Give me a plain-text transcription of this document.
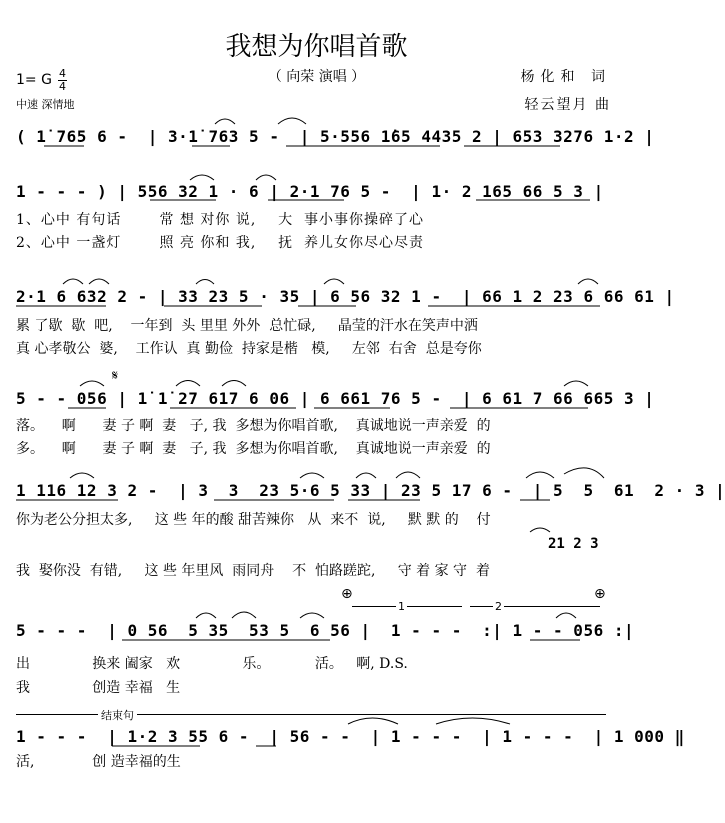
我想为你唱首歌
（ 向荣 演唱 ）
1= G 4
4
中速 深情地
杨化和 词
轻云望月 曲
( 1̇ 765 6 -  | 3·1̇ 763 5 -  | 5·556 1̇65 4435 2 | 653 3276 1·2 |
1 - - - ) | 556 32 1 · 6 | 2·1 76 5 -  | 1· 2 165 66 5 3 |
1、心中 有句话       常 想 对你 说,    大  事小事你操碎了心
2、心中 一盏灯       照 亮 你和 我,    抚  养儿女你尽心尽责
2·1 6 632 2 - | 33 23 5 · 35 | 6 56 32 1 -  | 66 1 2 23 6 66 61 |
累 了歇  歇  吧,    一年到  头 里里 外外  总忙碌,     晶莹的汗水在笑声中洒
真 心孝敬公  婆,    工作认  真 勤俭  持家是楷   模,     左邻  右舍  总是夸你
𝄋
5 - - 056 | 1̇ 1̇ 27 617 6 06 | 6 661 76 5 -  | 6 61 7 66 665 3 |
落。    啊      妻 子 啊  妻   子, 我  多想为你唱首歌,    真诚地说一声亲爱  的
多。    啊      妻 子 啊  妻   子, 我  多想为你唱首歌,    真诚地说一声亲爱  的
1 116 12 3 2 -  | 3  3  23 5·6 5 33 | 23 5 17 6 -  | 5  5  61  2 · 3 |
你为老公分担太多,     这 些 年的酸 甜苦辣你   从  来不  说,     默 默 的    付
21 2 3
我  娶你没  有错,     这 些 年里风  雨同舟    不  怕路蹉跎,     守 着 家 守  着
⊕	⊕
1	2
5 - - -  | 0 56  5 35  53 5  6 56 |  1 - - -  :| 1 - - 056 :|
出              换来 阖家   欢              乐。          活。   啊, D.S.
我              创造 幸福   生
结束句
1 - - -  | 1·2 3 55 6 -  | 56 - -  | 1 - - -  | 1 - - -  | 1 000 ‖
活,             创 造幸福的生
